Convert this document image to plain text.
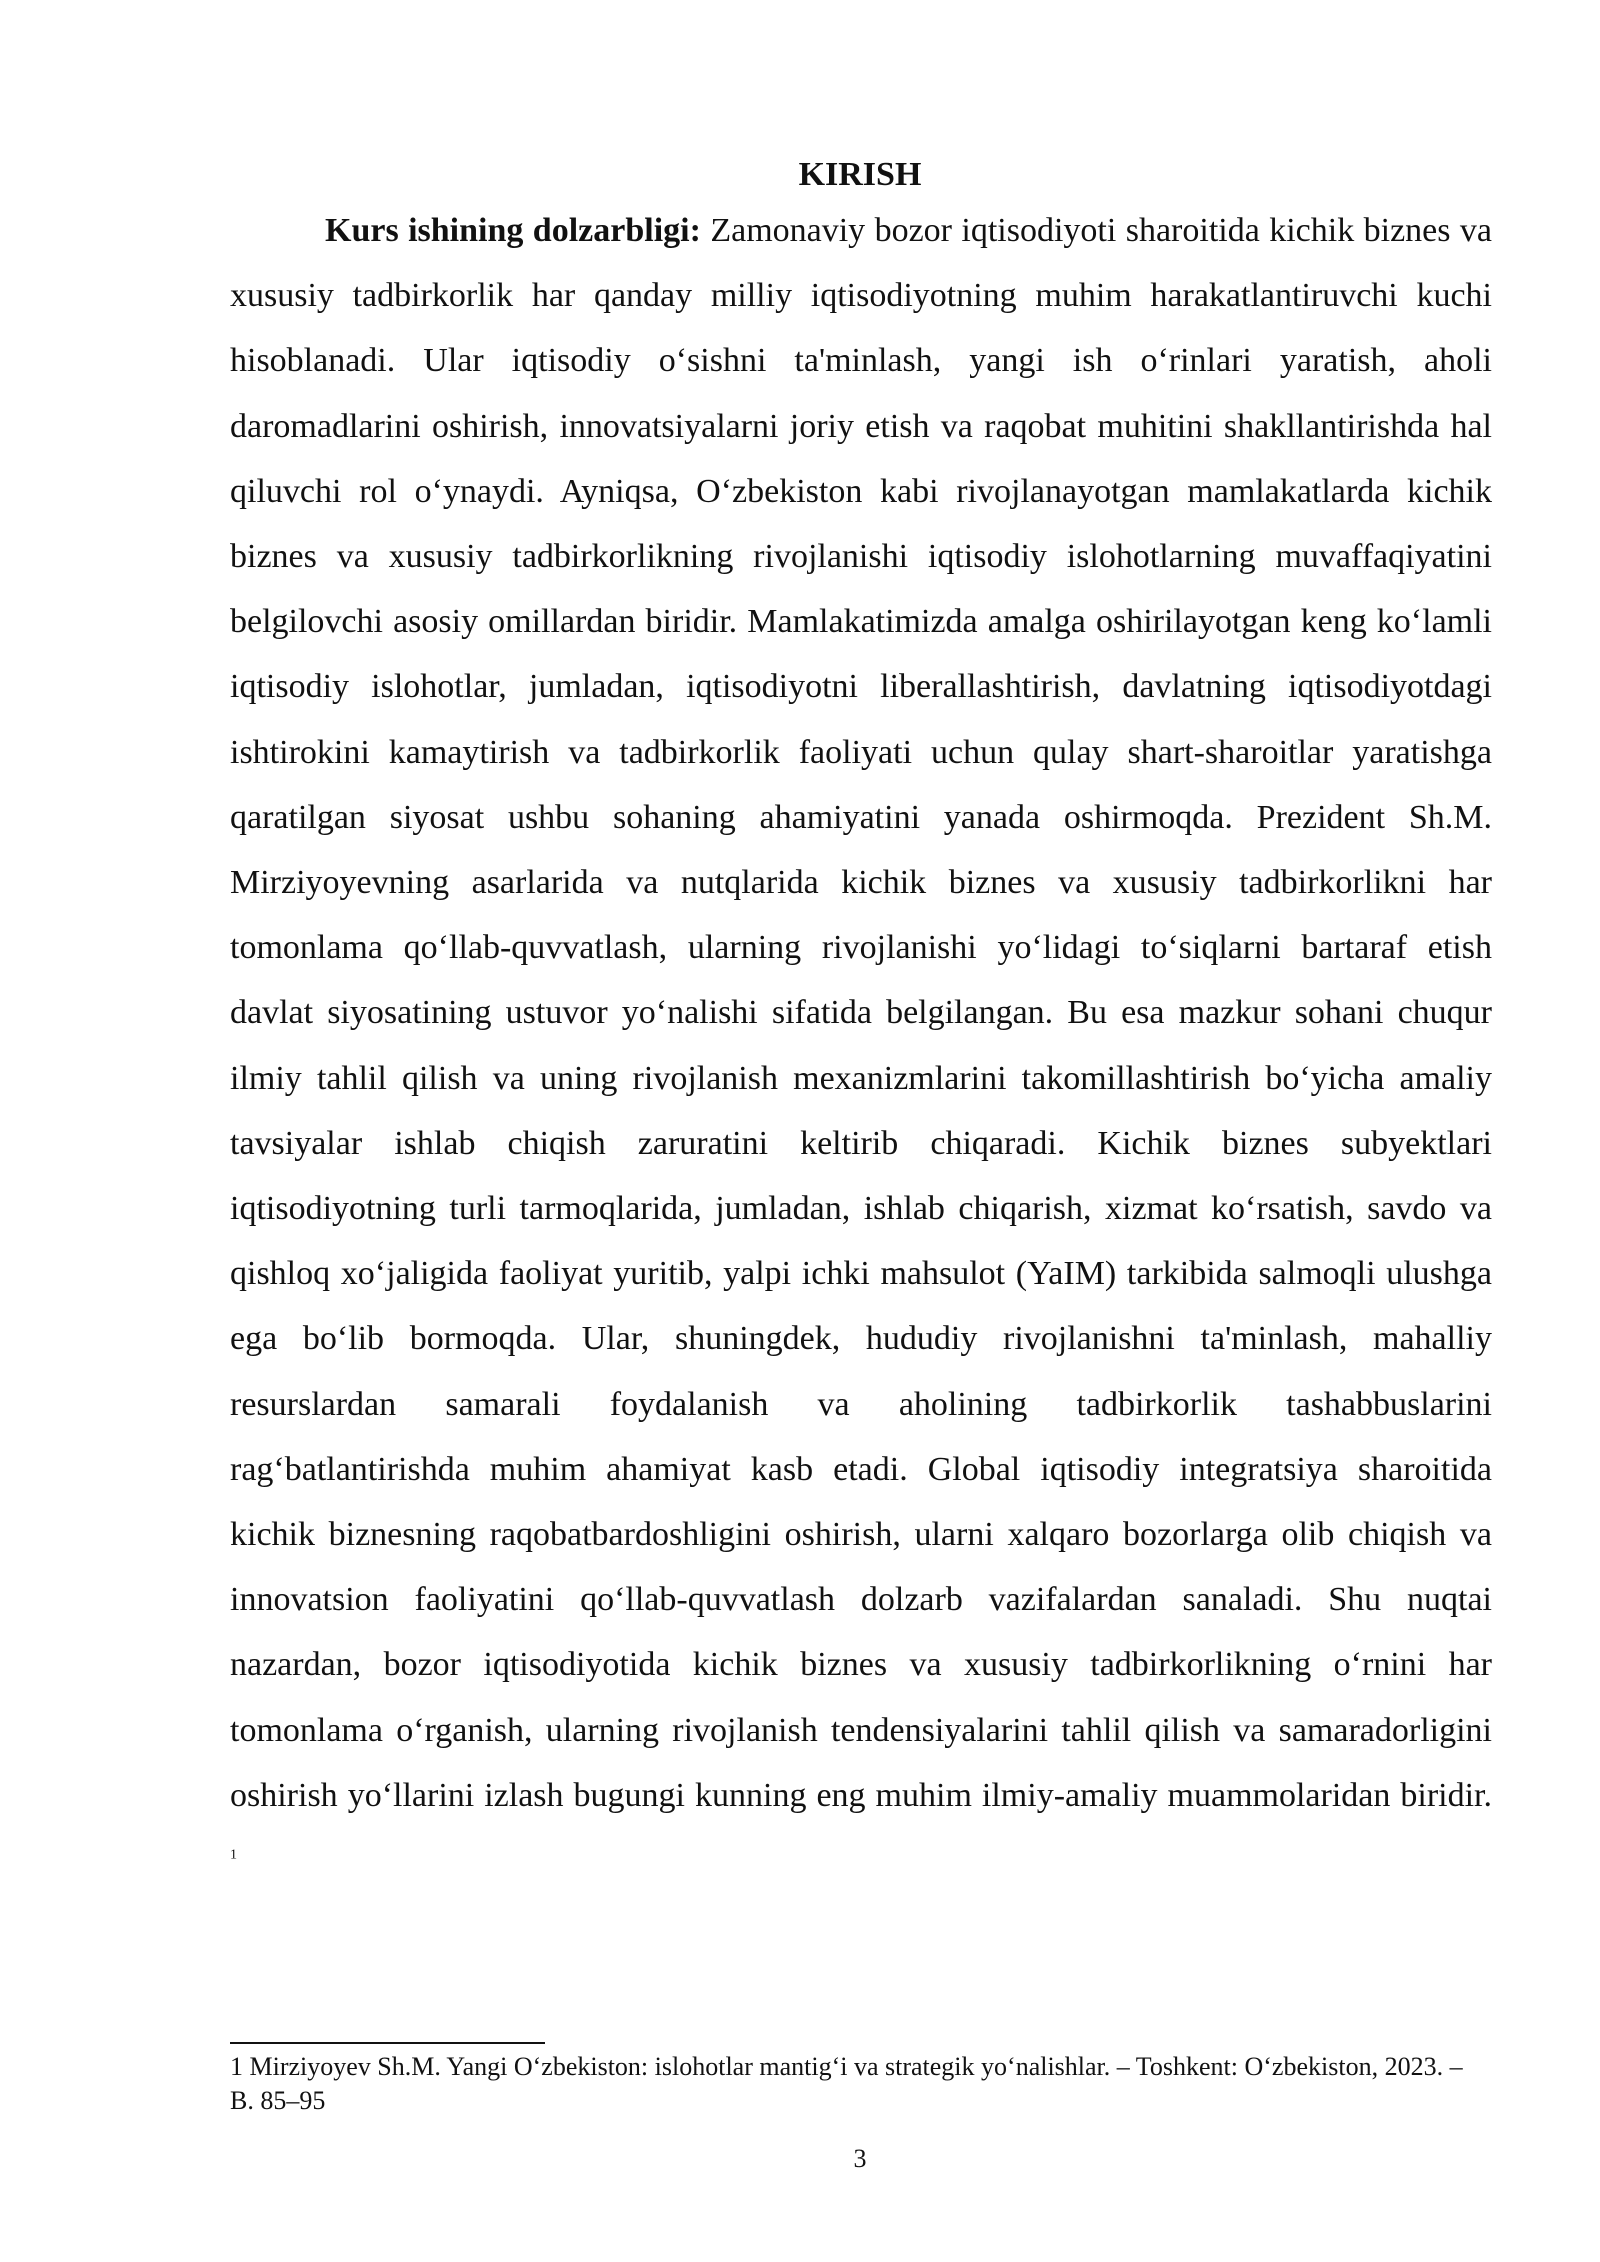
KIRISH

Kurs ishining dolzarbligi: Zamonaviy bozor iqtisodiyoti sharoitida kichik biznes va xususiy tadbirkorlik har qanday milliy iqtisodiyotning muhim harakatlantiruvchi kuchi hisoblanadi. Ular iqtisodiy o‘sishni ta'minlash, yangi ish o‘rinlari yaratish, aholi daromadlarini oshirish, innovatsiyalarni joriy etish va raqobat muhitini shakllantirishda hal qiluvchi rol o‘ynaydi. Ayniqsa, O‘zbekiston kabi rivojlanayotgan mamlakatlarda kichik biznes va xususiy tadbirkorlikning rivojlanishi iqtisodiy islohotlarning muvaffaqiyatini belgilovchi asosiy omillardan biridir. Mamlakatimizda amalga oshirilayotgan keng ko‘lamli iqtisodiy islohotlar, jumladan, iqtisodiyotni liberallashtirish, davlatning iqtisodiyotdagi ishtirokini kamaytirish va tadbirkorlik faoliyati uchun qulay shart-sharoitlar yaratishga qaratilgan siyosat ushbu sohaning ahamiyatini yanada oshirmoqda. Prezident Sh.M. Mirziyoyevning asarlarida va nutqlarida kichik biznes va xususiy tadbirkorlikni har tomonlama qo‘llab-quvvatlash, ularning rivojlanishi yo‘lidagi to‘siqlarni bartaraf etish davlat siyosatining ustuvor yo‘nalishi sifatida belgilangan. Bu esa mazkur sohani chuqur ilmiy tahlil qilish va uning rivojlanish mexanizmlarini takomillashtirish bo‘yicha amaliy tavsiyalar ishlab chiqish zaruratini keltirib chiqaradi. Kichik biznes subyektlari iqtisodiyotning turli tarmoqlarida, jumladan, ishlab chiqarish, xizmat ko‘rsatish, savdo va qishloq xo‘jaligida faoliyat yuritib, yalpi ichki mahsulot (YaIM) tarkibida salmoqli ulushga ega bo‘lib bormoqda. Ular, shuningdek, hududiy rivojlanishni ta'minlash, mahalliy resurslardan samarali foydalanish va aholining tadbirkorlik tashabbuslarini rag‘batlantirishda muhim ahamiyat kasb etadi. Global iqtisodiy integratsiya sharoitida kichik biznesning raqobatbardoshligini oshirish, ularni xalqaro bozorlarga olib chiqish va innovatsion faoliyatini qo‘llab-quvvatlash dolzarb vazifalardan sanaladi. Shu nuqtai nazardan, bozor iqtisodiyotida kichik biznes va xususiy tadbirkorlikning o‘rnini har tomonlama o‘rganish, ularning rivojlanish tendensiyalarini tahlil qilish va samaradorligini oshirish yo‘llarini izlash bugungi kunning eng muhim ilmiy-amaliy muammolaridan biridir. $^1$

1 Mirziyoyev Sh.M. Yangi O‘zbekiston: islohotlar mantig‘i va strategik yo‘nalishlar. – Toshkent: O‘zbekiston, 2023. – B. 85–95

3
